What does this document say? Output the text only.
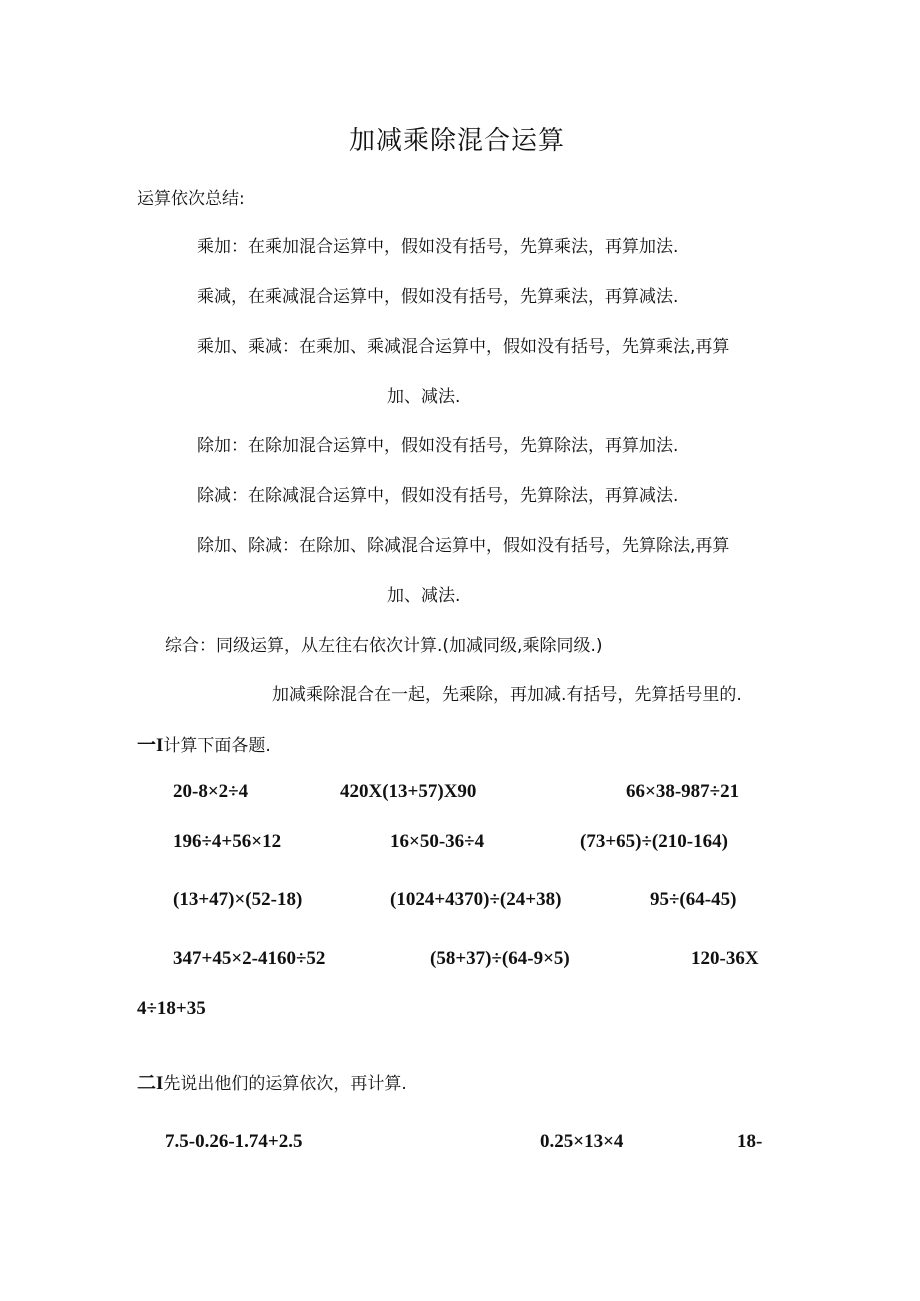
加减乘除混合运算
运算依次总结:
乘加：在乘加混合运算中，假如没有括号，先算乘法，再算加法.
乘减，在乘减混合运算中，假如没有括号，先算乘法，再算减法.
乘加、乘减：在乘加、乘减混合运算中，假如没有括号，先算乘法,再算
加、减法.
除加：在除加混合运算中，假如没有括号，先算除法，再算加法.
除减：在除减混合运算中，假如没有括号，先算除法，再算减法.
除加、除减：在除加、除减混合运算中，假如没有括号，先算除法,再算
加、减法.
综合：同级运算，从左往右依次计算.(加减同级,乘除同级.)
加减乘除混合在一起，先乘除，再加减.有括号，先算括号里的.
一I计算下面各题.
20-8×2÷4	420X(13+57)X90	66×38-987÷21
196÷4+56×12	16×50-36÷4	(73+65)÷(210-164)
(13+47)×(52-18)	(1024+4370)÷(24+38)	95÷(64-45)
347+45×2-4160÷52	(58+37)÷(64-9×5)	120-36X
4÷18+35
二I先说出他们的运算依次，再计算.
7.5-0.26-1.74+2.5	0.25×13×4	18-
